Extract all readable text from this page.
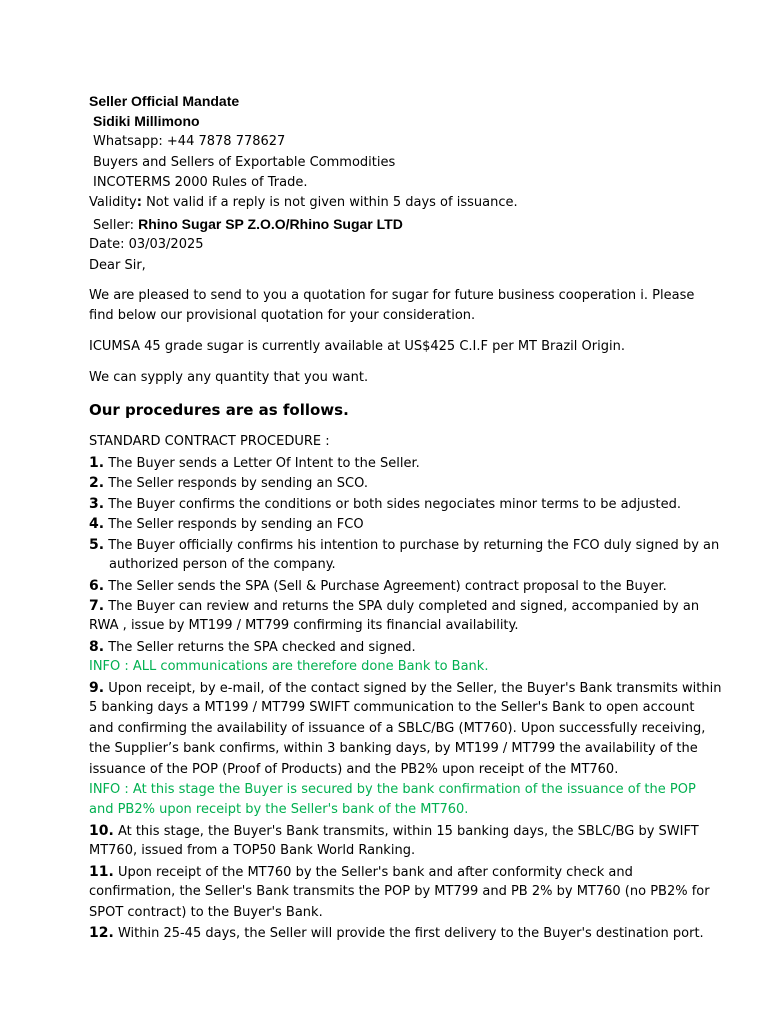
Seller Official Mandate
Sidiki Millimono
Whatsapp: +44 7878 778627
Buyers and Sellers of Exportable Commodities
INCOTERMS 2000 Rules of Trade.
Validity: Not valid if a reply is not given within 5 days of issuance.
Seller: Rhino Sugar SP Z.O.O/Rhino Sugar LTD
Date: 03/03/2025
Dear Sir,
We are pleased to send to you a quotation for sugar for future business cooperation i. Please
find below our provisional quotation for your consideration.
ICUMSA 45 grade sugar is currently available at US$425 C.I.F per MT Brazil Origin.
We can sypply any quantity that you want.
Our procedures are as follows.
STANDARD CONTRACT PROCEDURE :
1. The Buyer sends a Letter Of Intent to the Seller.
2. The Seller responds by sending an SCO.
3. The Buyer confirms the conditions or both sides negociates minor terms to be adjusted.
4. The Seller responds by sending an FCO
5. The Buyer officially confirms his intention to purchase by returning the FCO duly signed by an
authorized person of the company.
6. The Seller sends the SPA (Sell & Purchase Agreement) contract proposal to the Buyer.
7. The Buyer can review and returns the SPA duly completed and signed, accompanied by an
RWA , issue by MT199 / MT799 confirming its financial availability.
8. The Seller returns the SPA checked and signed.
INFO : ALL communications are therefore done Bank to Bank.
9. Upon receipt, by e-mail, of the contact signed by the Seller, the Buyer's Bank transmits within
5 banking days a MT199 / MT799 SWIFT communication to the Seller's Bank to open account
and confirming the availability of issuance of a SBLC/BG (MT760). Upon successfully receiving,
the Supplier’s bank confirms, within 3 banking days, by MT199 / MT799 the availability of the
issuance of the POP (Proof of Products) and the PB2% upon receipt of the MT760.
INFO : At this stage the Buyer is secured by the bank confirmation of the issuance of the POP
and PB2% upon receipt by the Seller's bank of the MT760.
10. At this stage, the Buyer's Bank transmits, within 15 banking days, the SBLC/BG by SWIFT
MT760, issued from a TOP50 Bank World Ranking.
11. Upon receipt of the MT760 by the Seller's bank and after conformity check and
confirmation, the Seller's Bank transmits the POP by MT799 and PB 2% by MT760 (no PB2% for
SPOT contract) to the Buyer's Bank.
12. Within 25-45 days, the Seller will provide the first delivery to the Buyer's destination port.
